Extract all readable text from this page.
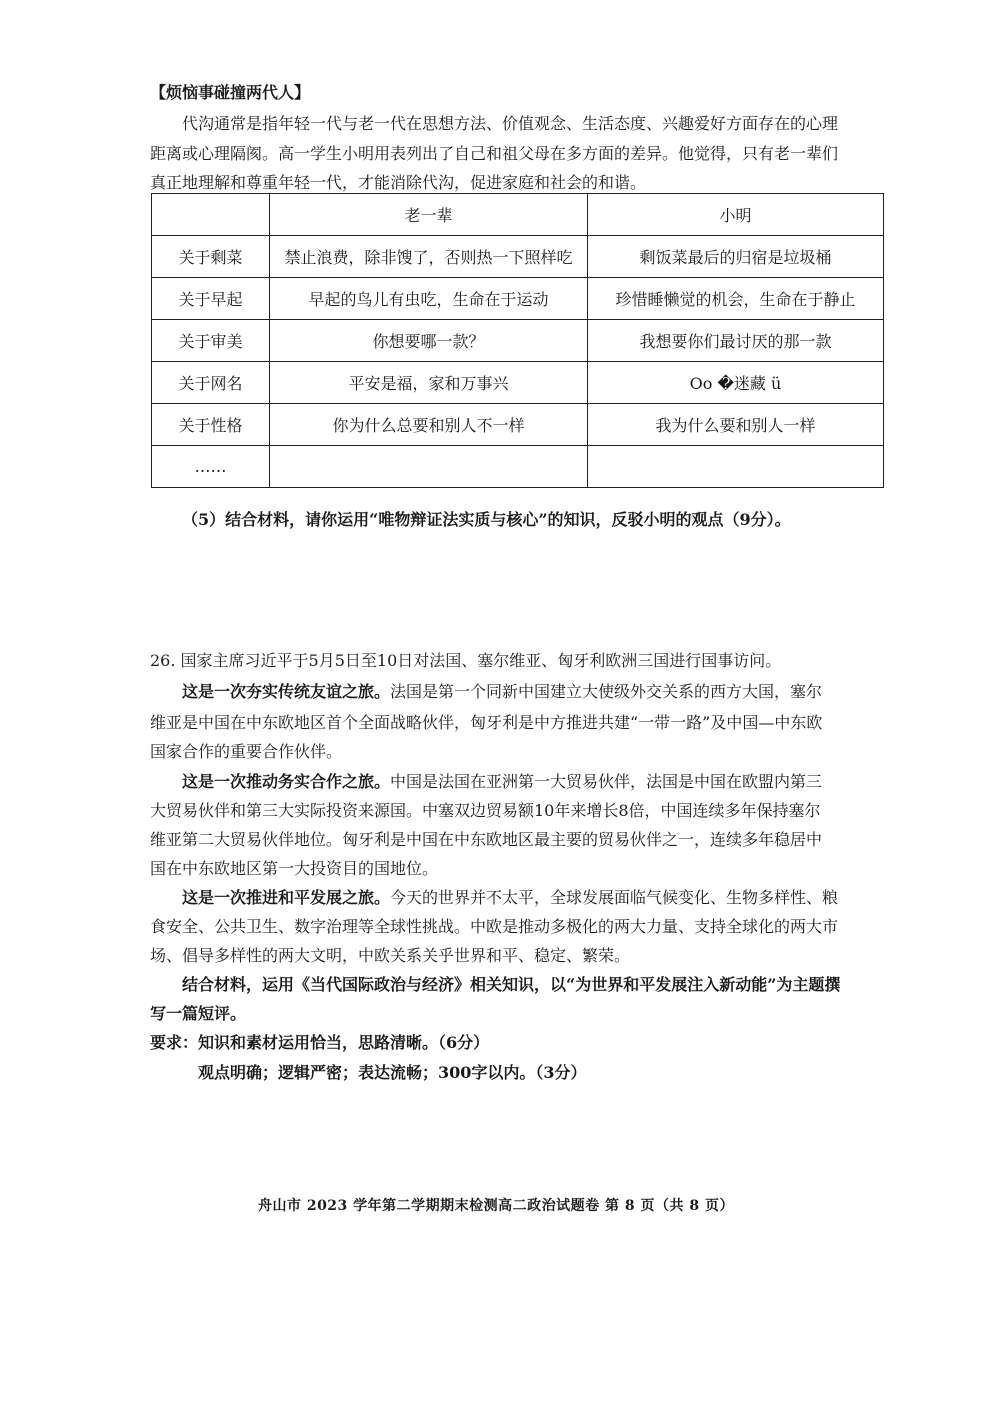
【烦恼事碰撞两代人】
代沟通常是指年轻一代与老一代在思想方法、价值观念、生活态度、兴趣爱好方面存在的心理
距离或心理隔阂。高一学生小明用表列出了自己和祖父母在多方面的差异。他觉得，只有老一辈们
真正地理解和尊重年轻一代，才能消除代沟，促进家庭和社会的和谐。
	老一辈	小明
关于剩菜	禁止浪费，除非馊了，否则热一下照样吃	剩饭菜最后的归宿是垃圾桶
关于早起	早起的鸟儿有虫吃，生命在于运动	珍惜睡懒觉的机会，生命在于静止
关于审美	你想要哪一款？	我想要你们最讨厌的那一款
关于网名	平安是福，家和万事兴	Oo �迷藏 ü
关于性格	你为什么总要和别人不一样	我为什么要和别人一样
……		
（5）结合材料，请你运用“唯物辩证法实质与核心”的知识，反驳小明的观点（9分）。
26. 国家主席习近平于5月5日至10日对法国、塞尔维亚、匈牙利欧洲三国进行国事访问。
这是一次夯实传统友谊之旅。法国是第一个同新中国建立大使级外交关系的西方大国，塞尔
维亚是中国在中东欧地区首个全面战略伙伴，匈牙利是中方推进共建“一带一路”及中国—中东欧
国家合作的重要合作伙伴。
这是一次推动务实合作之旅。中国是法国在亚洲第一大贸易伙伴，法国是中国在欧盟内第三
大贸易伙伴和第三大实际投资来源国。中塞双边贸易额10年来增长8倍，中国连续多年保持塞尔
维亚第二大贸易伙伴地位。匈牙利是中国在中东欧地区最主要的贸易伙伴之一，连续多年稳居中
国在中东欧地区第一大投资目的国地位。
这是一次推进和平发展之旅。今天的世界并不太平，全球发展面临气候变化、生物多样性、粮
食安全、公共卫生、数字治理等全球性挑战。中欧是推动多极化的两大力量、支持全球化的两大市
场、倡导多样性的两大文明，中欧关系关乎世界和平、稳定、繁荣。
结合材料，运用《当代国际政治与经济》相关知识，以“为世界和平发展注入新动能”为主题撰
写一篇短评。
要求：知识和素材运用恰当，思路清晰。（6分）
观点明确；逻辑严密；表达流畅；300字以内。（3分）
舟山市 2023 学年第二学期期末检测高二政治试题卷 第 8 页（共 8 页）
